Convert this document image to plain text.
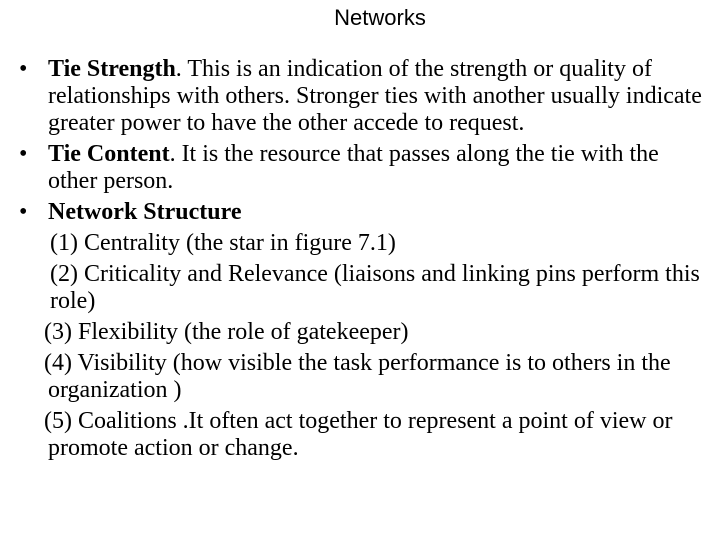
Networks
• Tie Strength. This is an indication of the strength or quality of relationships with others. Stronger ties with another usually indicate greater power to have the other accede to request.
• Tie Content. It is the resource that passes along the tie with the other person.
• Network Structure
(1) Centrality (the star in figure 7.1)
(2) Criticality and Relevance (liaisons and linking pins perform this role)
(3) Flexibility (the role of gatekeeper)
(4) Visibility (how visible the task performance is to others in the organization )
(5) Coalitions .It often act together to represent a point of view or promote action or change.
